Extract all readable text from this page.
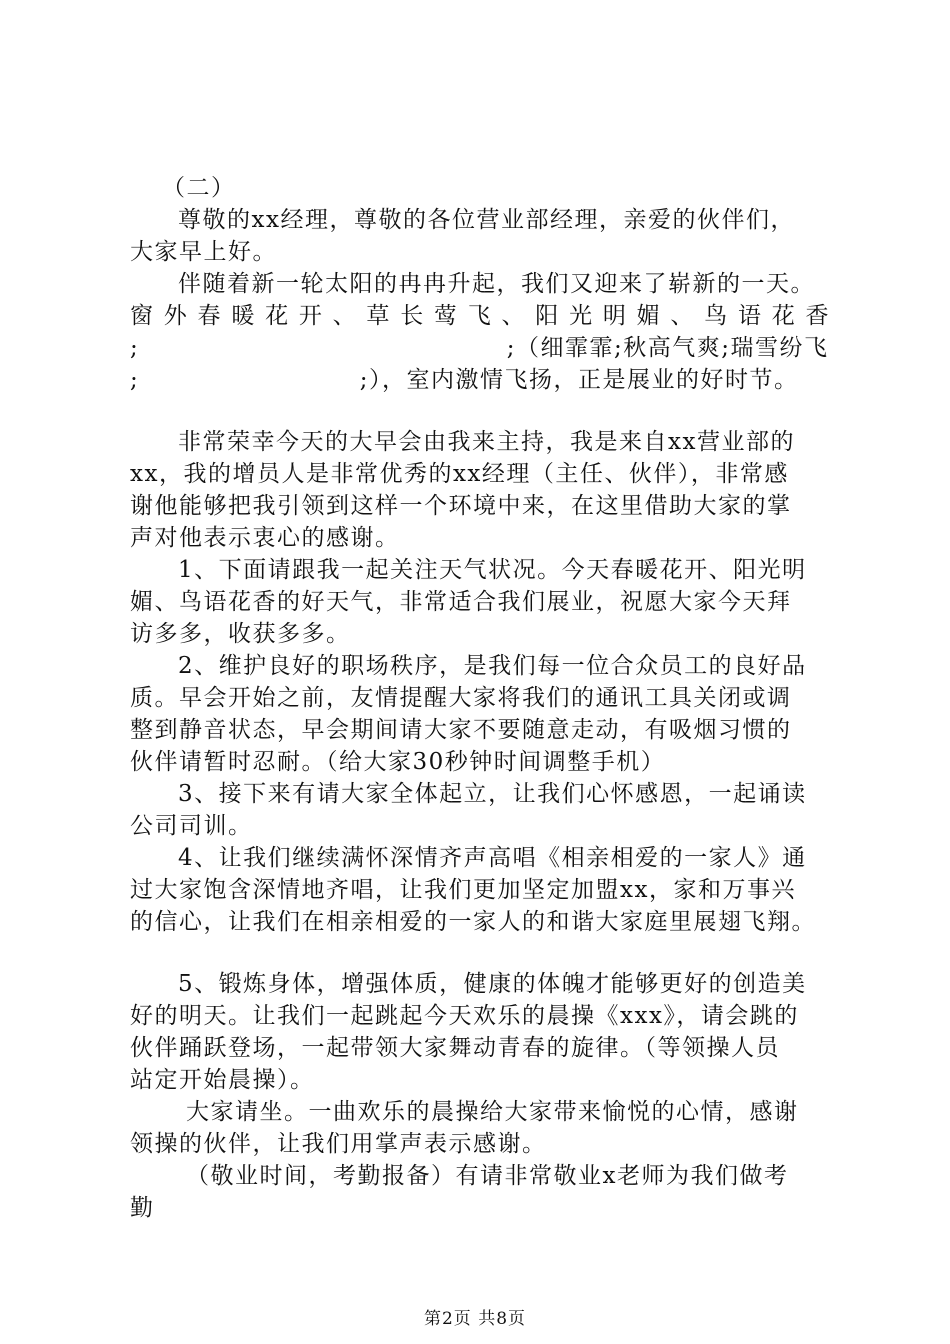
（二）
尊敬的xx经理，尊敬的各位营业部经理，亲爱的伙伴们，
大家早上好。
伴随着新一轮太阳的冉冉升起，我们又迎来了崭新的一天。
窗外春暖花开、草长莺飞、阳光明媚、鸟语花香
;　　　　　　　　　　　　　　　;（细霏霏;秋高气爽;瑞雪纷飞
;　　　　　　　　　;），室内激情飞扬，正是展业的好时节。
非常荣幸今天的大早会由我来主持，我是来自xx营业部的
xx，我的增员人是非常优秀的xx经理（主任、伙伴），非常感
谢他能够把我引领到这样一个环境中来，在这里借助大家的掌
声对他表示衷心的感谢。
1、下面请跟我一起关注天气状况。今天春暖花开、阳光明
媚、鸟语花香的好天气，非常适合我们展业，祝愿大家今天拜
访多多，收获多多。
2、维护良好的职场秩序，是我们每一位合众员工的良好品
质。早会开始之前，友情提醒大家将我们的通讯工具关闭或调
整到静音状态，早会期间请大家不要随意走动，有吸烟习惯的
伙伴请暂时忍耐。（给大家30秒钟时间调整手机）
3、接下来有请大家全体起立，让我们心怀感恩，一起诵读
公司司训。
4、让我们继续满怀深情齐声高唱《相亲相爱的一家人》通
过大家饱含深情地齐唱，让我们更加坚定加盟xx，家和万事兴
的信心，让我们在相亲相爱的一家人的和谐大家庭里展翅飞翔。
5、锻炼身体，增强体质，健康的体魄才能够更好的创造美
好的明天。让我们一起跳起今天欢乐的晨操《xxx》，请会跳的
伙伴踊跃登场，一起带领大家舞动青春的旋律。（等领操人员
站定开始晨操）。
大家请坐。一曲欢乐的晨操给大家带来愉悦的心情，感谢
领操的伙伴，让我们用掌声表示感谢。
（敬业时间，考勤报备）有请非常敬业x老师为我们做考
勤
第2页 共8页
